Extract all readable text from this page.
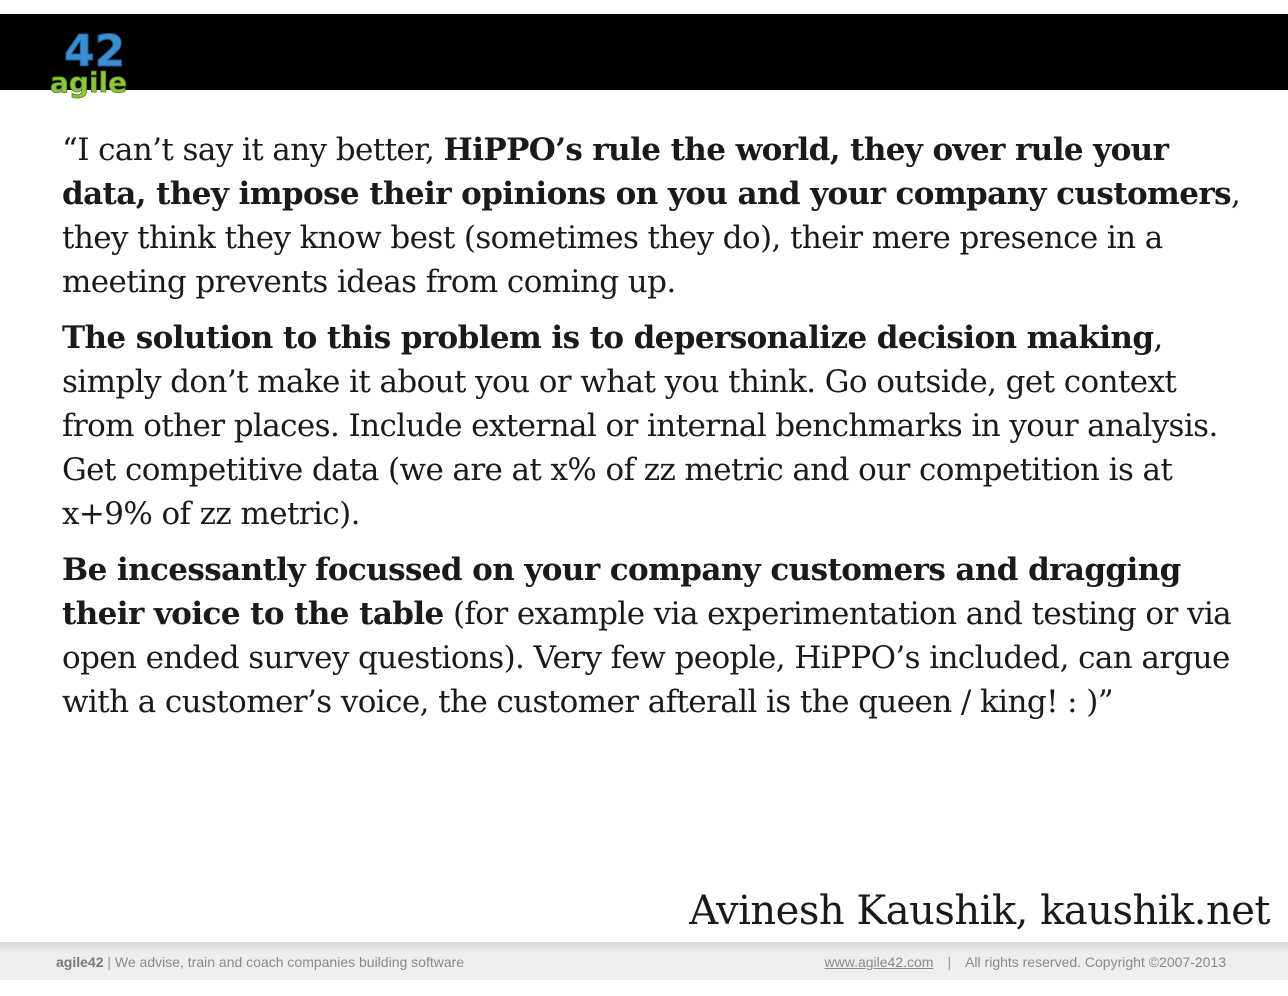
42
agile

“I can’t say it any better, HiPPO’s rule the world, they over rule your data, they impose their opinions on you and your company customers, they think they know best (sometimes they do), their mere presence in a meeting prevents ideas from coming up.

The solution to this problem is to depersonalize decision making, simply don’t make it about you or what you think. Go outside, get context from other places. Include external or internal benchmarks in your analysis. Get competitive data (we are at x% of zz metric and our competition is at x+9% of zz metric).

Be incessantly focussed on your company customers and dragging their voice to the table (for example via experimentation and testing or via open ended survey questions). Very few people, HiPPO’s included, can argue with a customer’s voice, the customer afterall is the queen / king! : )”

Avinesh Kaushik, kaushik.net
agile42 | We advise, train and coach companies building software	www.agile42.com | All rights reserved. Copyright ©2007-2013
